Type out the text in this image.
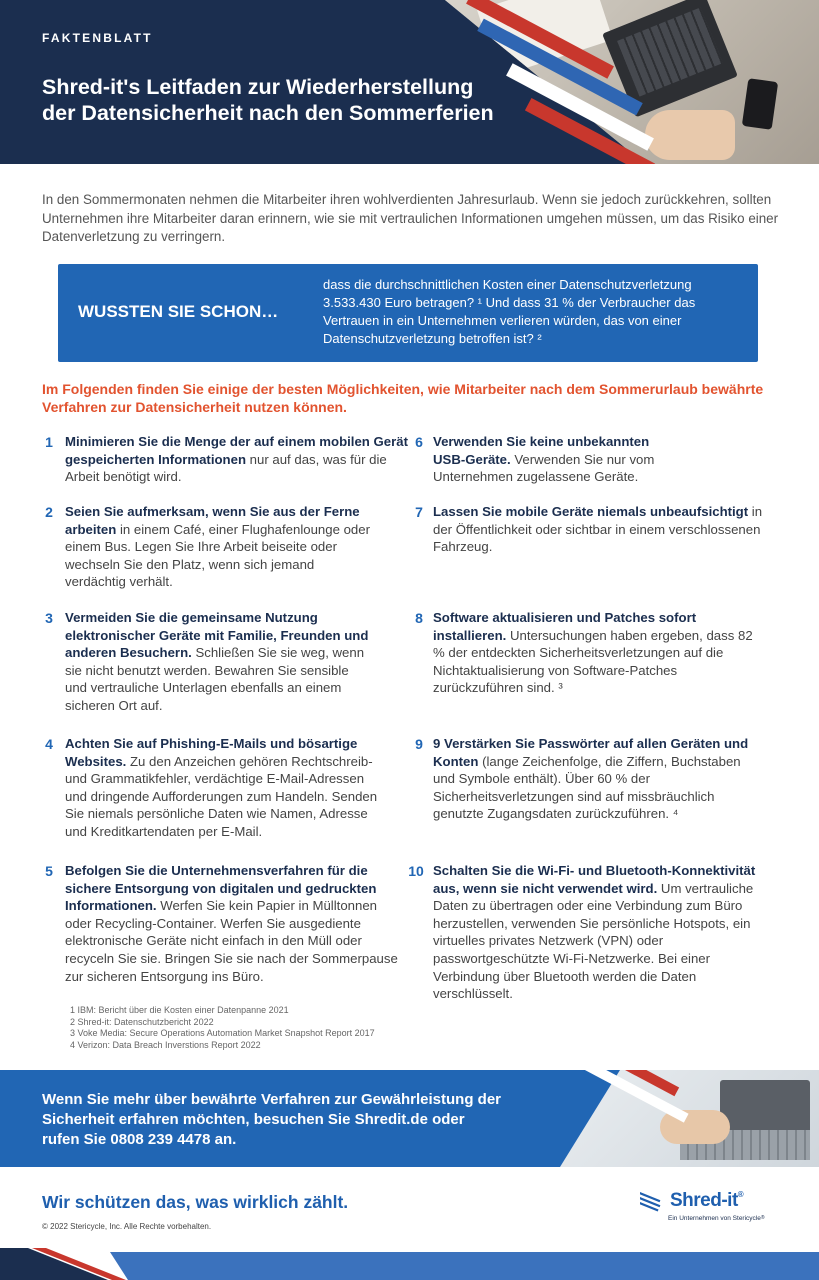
FAKTENBLATT
Shred-it's Leitfaden zur Wiederherstellung
der Datensicherheit nach den Sommerferien

In den Sommermonaten nehmen die Mitarbeiter ihren wohlverdienten Jahresurlaub. Wenn sie jedoch zurückkehren, sollten Unternehmen ihre Mitarbeiter daran erinnern, wie sie mit vertraulichen Informationen umgehen müssen, um das Risiko einer Datenverletzung zu verringern.

WUSSTEN SIE SCHON…
dass die durchschnittlichen Kosten einer Datenschutzverletzung 3.533.430 Euro betragen? ¹ Und dass 31 % der Verbraucher das Vertrauen in ein Unternehmen verlieren würden, das von einer Datenschutzverletzung betroffen ist? ²

Im Folgenden finden Sie einige der besten Möglichkeiten, wie Mitarbeiter nach dem Sommerurlaub bewährte Verfahren zur Datensicherheit nutzen können.

1 Minimieren Sie die Menge der auf einem mobilen Gerät gespeicherten Informationen nur auf das, was für die Arbeit benötigt wird.
2 Seien Sie aufmerksam, wenn Sie aus der Ferne arbeiten in einem Café, einer Flughafenlounge oder einem Bus. Legen Sie Ihre Arbeit beiseite oder wechseln Sie den Platz, wenn sich jemand verdächtig verhält.
3 Vermeiden Sie die gemeinsame Nutzung elektronischer Geräte mit Familie, Freunden und anderen Besuchern. Schließen Sie sie weg, wenn sie nicht benutzt werden. Bewahren Sie sensible und vertrauliche Unterlagen ebenfalls an einem sicheren Ort auf.
4 Achten Sie auf Phishing-E-Mails und bösartige Websites. Zu den Anzeichen gehören Rechtschreib- und Grammatikfehler, verdächtige E-Mail-Adressen und dringende Aufforderungen zum Handeln. Senden Sie niemals persönliche Daten wie Namen, Adresse und Kreditkartendaten per E-Mail.
5 Befolgen Sie die Unternehmensverfahren für die sichere Entsorgung von digitalen und gedruckten Informationen. Werfen Sie kein Papier in Mülltonnen oder Recycling-Container. Werfen Sie ausgediente elektronische Geräte nicht einfach in den Müll oder recyceln Sie sie. Bringen Sie sie nach der Sommerpause zur sicheren Entsorgung ins Büro.
6 Verwenden Sie keine unbekannten USB-Geräte. Verwenden Sie nur vom Unternehmen zugelassene Geräte.
7 Lassen Sie mobile Geräte niemals unbeaufsichtigt in der Öffentlichkeit oder sichtbar in einem verschlossenen Fahrzeug.
8 Software aktualisieren und Patches sofort installieren. Untersuchungen haben ergeben, dass 82 % der entdeckten Sicherheitsverletzungen auf die Nichtaktualisierung von Software-Patches zurückzuführen sind. ³
9 9 Verstärken Sie Passwörter auf allen Geräten und Konten (lange Zeichenfolge, die Ziffern, Buchstaben und Symbole enthält). Über 60 % der Sicherheitsverletzungen sind auf missbräuchlich genutzte Zugangsdaten zurückzuführen. ⁴
10 Schalten Sie die Wi-Fi- und Bluetooth-Konnektivität aus, wenn sie nicht verwendet wird. Um vertrauliche Daten zu übertragen oder eine Verbindung zum Büro herzustellen, verwenden Sie persönliche Hotspots, ein virtuelles privates Netzwerk (VPN) oder passwortgeschützte Wi-Fi-Netzwerke. Bei einer Verbindung über Bluetooth werden die Daten verschlüsselt.
1 IBM: Bericht über die Kosten einer Datenpanne 2021
2 Shred-it: Datenschutzbericht 2022
3 Voke Media: Secure Operations Automation Market Snapshot Report 2017
4 Verizon: Data Breach Inverstions Report 2022
Wenn Sie mehr über bewährte Verfahren zur Gewährleistung der Sicherheit erfahren möchten, besuchen Sie Shredit.de oder rufen Sie 0808 239 4478 an.
Wir schützen das, was wirklich zählt.
© 2022 Stericycle, Inc. Alle Rechte vorbehalten.
Shred-it®
Ein Unternehmen von Stericycle®
